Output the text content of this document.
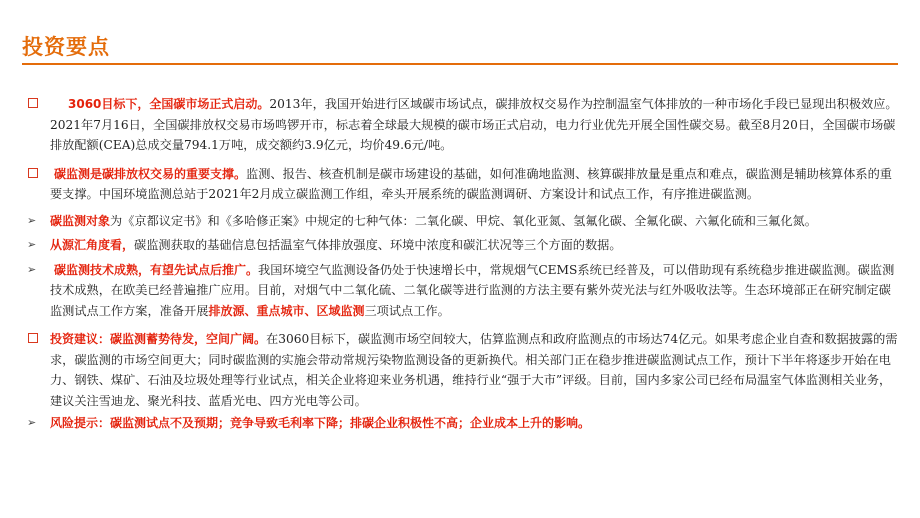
投资要点
3060目标下，全国碳市场正式启动。2013年，我国开始进行区域碳市场试点，碳排放权交易作为控制温室气体排放的一种市场化手段已显现出积极效应。2021年7月16日，全国碳排放权交易市场鸣锣开市，标志着全球最大规模的碳市场正式启动，电力行业优先开展全国性碳交易。截至8月20日，全国碳市场碳排放配额(CEA)总成交量794.1万吨，成交额约3.9亿元，均价49.6元/吨。
碳监测是碳排放权交易的重要支撑。监测、报告、核查机制是碳市场建设的基础，如何准确地监测、核算碳排放量是重点和难点，碳监测是辅助核算体系的重要支撑。中国环境监测总站于2021年2月成立碳监测工作组，牵头开展系统的碳监测调研、方案设计和试点工作，有序推进碳监测。
➢ 碳监测对象为《京都议定书》和《多哈修正案》中规定的七种气体：二氧化碳、甲烷、氧化亚氮、氢氟化碳、全氟化碳、六氟化硫和三氟化氮。
➢ 从源汇角度看，碳监测获取的基础信息包括温室气体排放强度、环境中浓度和碳汇状况等三个方面的数据。
➢ 碳监测技术成熟，有望先试点后推广。我国环境空气监测设备仍处于快速增长中，常规烟气CEMS系统已经普及，可以借助现有系统稳步推进碳监测。碳监测技术成熟，在欧美已经普遍推广应用。目前，对烟气中二氧化硫、二氧化碳等进行监测的方法主要有紫外荧光法与红外吸收法等。生态环境部正在研究制定碳监测试点工作方案，准备开展排放源、重点城市、区域监测三项试点工作。
投资建议：碳监测蓄势待发，空间广阔。在3060目标下，碳监测市场空间较大，估算监测点和政府监测点的市场达74亿元。如果考虑企业自查和数据披露的需求，碳监测的市场空间更大；同时碳监测的实施会带动常规污染物监测设备的更新换代。相关部门正在稳步推进碳监测试点工作，预计下半年将逐步开始在电力、钢铁、煤矿、石油及垃圾处理等行业试点，相关企业将迎来业务机遇，维持行业“强于大市”评级。目前，国内多家公司已经布局温室气体监测相关业务，建议关注雪迪龙、聚光科技、蓝盾光电、四方光电等公司。
➢ 风险提示：碳监测试点不及预期；竞争导致毛利率下降；排碳企业积极性不高；企业成本上升的影响。
